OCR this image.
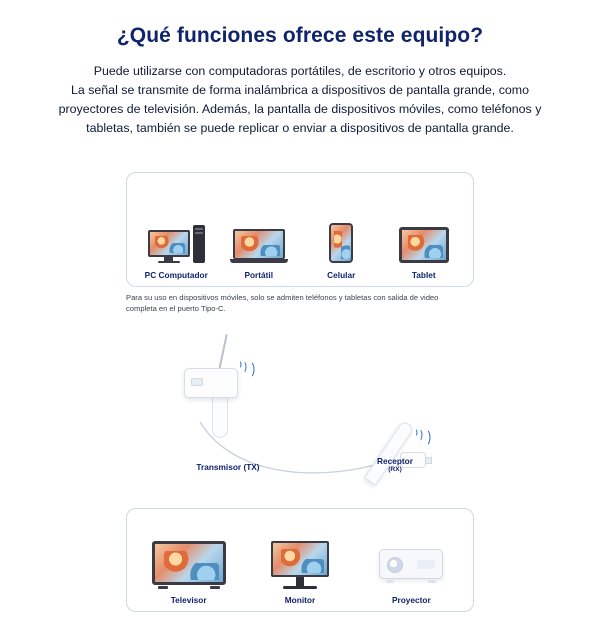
¿Qué funciones ofrece este equipo?
Puede utilizarse con computadoras portátiles, de escritorio y otros equipos.
La señal se transmite de forma inalámbrica a dispositivos de pantalla grande, como
proyectores de televisión. Además, la pantalla de dispositivos móviles, como teléfonos y
tabletas, también se puede replicar o enviar a dispositivos de pantalla grande.
PC Computador	Portátil	Celular	Tablet
Para su uso en dispositivos móviles, solo se admiten teléfonos y tabletas con salida de video completa en el puerto Tipo-C.
Transmisor (TX)
Receptor
(RX)
Televisor	Monitor	Proyector
